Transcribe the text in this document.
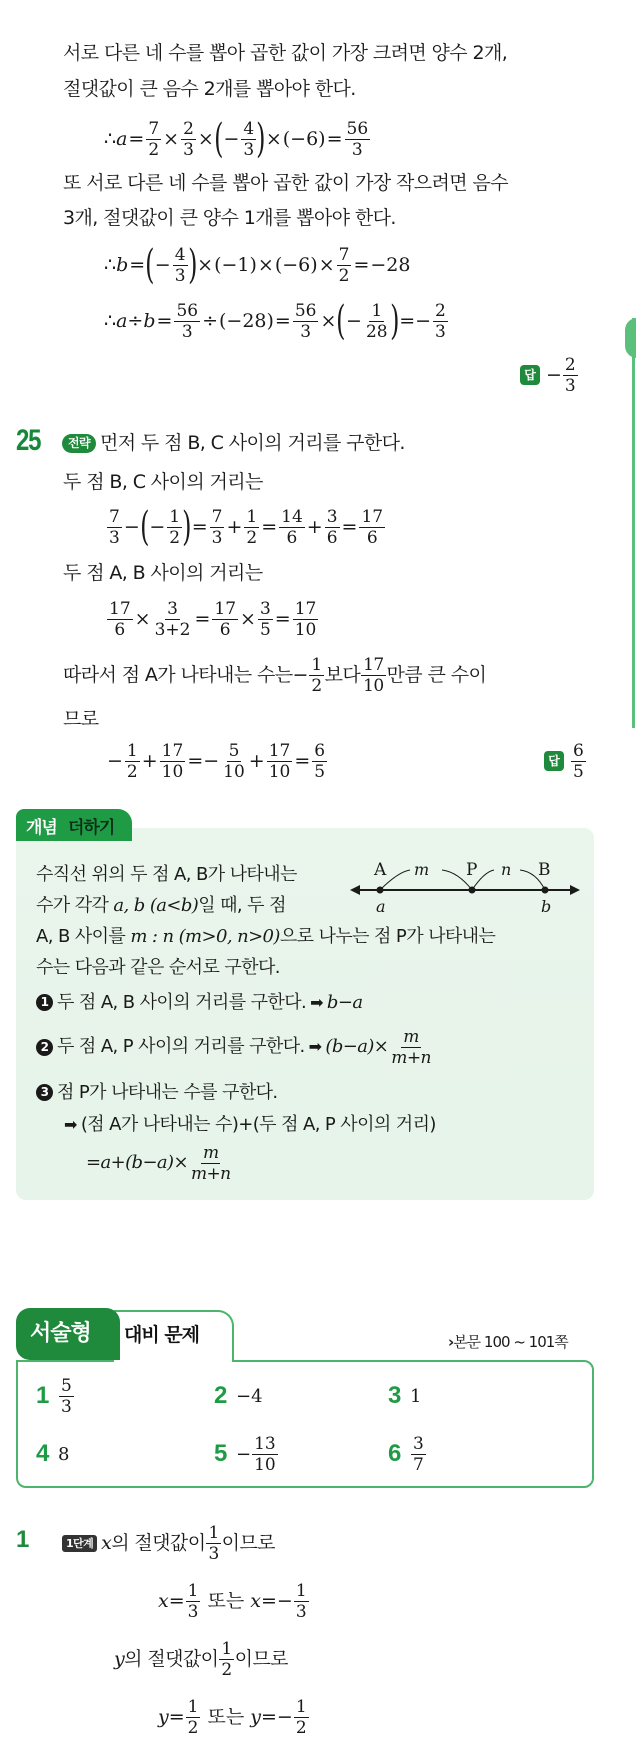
서로 다른 네 수를 뽑아 곱한 값이 가장 크려면 양수 2개,
절댓값이 큰 음수 2개를 뽑아야 한다.
∴ $a = \frac{7}{2} \times \frac{2}{3}$ × ( − $\frac{4}{3}$ ) × $(-6) = \frac{56}{3}$
또 서로 다른 네 수를 뽑아 곱한 값이 가장 작으려면 음수
3개, 절댓값이 큰 양수 1개를 뽑아야 한다.
∴ b = ( − $\frac{4}{3}$ ) × $(-1) \times (-6) \times \frac{7}{2} = -28$
∴ $a\div b = \frac{56}{3} \div (-28) = \frac{56}{3}$ × ( − $\frac{1}{28}$ ) =− $\frac{2}{3}$
답 − $\frac{2}{3}$
25	전략 먼저 두 점 B, C 사이의 거리를 구한다.
두 점 B, C 사이의 거리는
$\frac{7}{3}$ − ( − $\frac{1}{2}$ ) = $\frac{7}{3} + \frac{1}{2} = \frac{14}{6} + \frac{3}{6} = \frac{17}{6}$
두 점 A, B 사이의 거리는
$\frac{17}{6} \times \frac{3}{3+2} = \frac{17}{6} \times \frac{3}{5} = \frac{17}{10}$
따라서 점 A가 나타내는 수는 − $\frac{1}{2}$ 보다 $\frac{17}{10}$ 만큼 큰 수이
므로
− $\frac{1}{2} + \frac{17}{10} =- \frac{5}{10} + \frac{17}{10} = \frac{6}{5}$	답 $\frac{6}{5}$
개념 더하기
수직선 위의 두 점 A, B가 나타내는
수가 각각 a, b (a<b)일 때, 두 점
A, B 사이를 m : n (m>0, n>0)으로 나누는 점 P가 나타내는
수는 다음과 같은 순서로 구한다.
A m P n B
a	b
1 두 점 A, B 사이의 거리를 구한다. ➡ b−a
2 두 점 A, P 사이의 거리를 구한다. ➡ $(b-a)\times \frac{m}{m+n}$
3 점 P가 나타내는 수를 구한다.
➡ (점 A가 나타내는 수)+(두 점 A, P 사이의 거리)
$=a+(b-a)\times \frac{m}{m+n}$
대비 문제
서술형	›본문 100 ~ 101쪽
$1 \frac{5}{3}$	2 −4	3 1
4 8	$5 - \frac{13}{10}$	$6 \frac{3}{7}$
1	1단계 x 의 절댓값이 $\frac{1}{3}$ 이므로
$x= \frac{1}{3}$ 또는 $x=- \frac{1}{3}$
y 의 절댓값이 $\frac{1}{2}$ 이므로
$y= \frac{1}{2}$ 또는 $y=- \frac{1}{2}$
